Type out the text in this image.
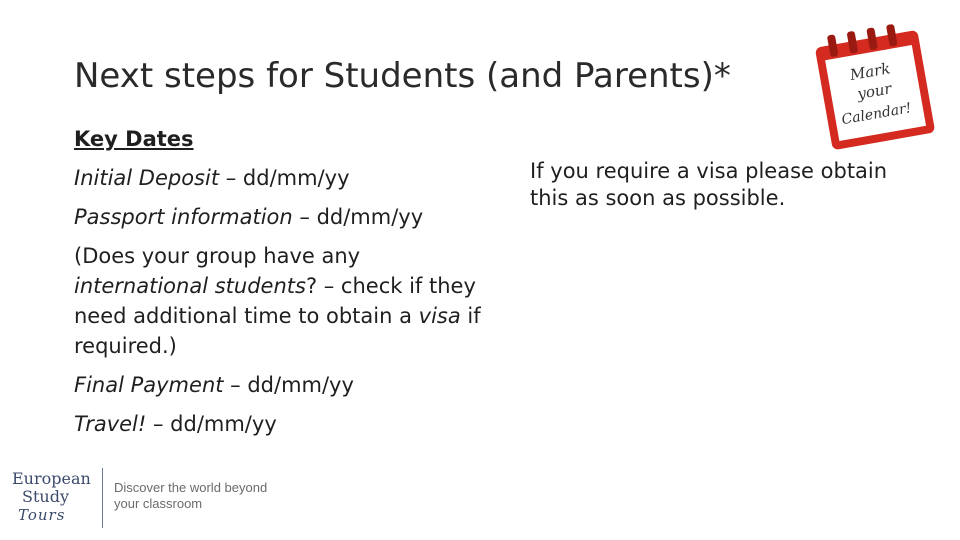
Next steps for Students (and Parents)*

Key Dates

Initial Deposit – dd/mm/yy

Passport information – dd/mm/yy

(Does your group have any international students? – check if they need additional time to obtain a visa if required.)

Final Payment – dd/mm/yy

Travel! – dd/mm/yy

If you require a visa please obtain this as soon as possible.
Mark
your
Calendar!
European
Study
Tours
Discover the world beyond your classroom
